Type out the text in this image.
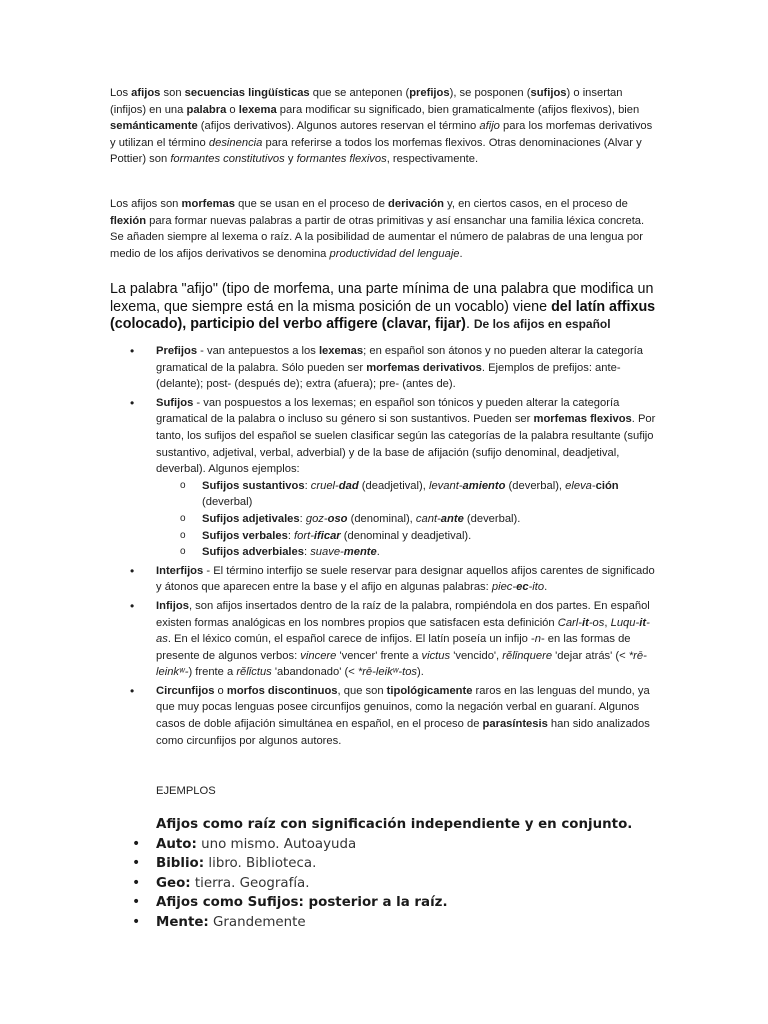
Los afijos son secuencias lingüísticas que se anteponen (prefijos), se posponen (sufijos) o insertan (infijos) en una palabra o lexema para modificar su significado, bien gramaticalmente (afijos flexivos), bien semánticamente (afijos derivativos). Algunos autores reservan el término afijo para los morfemas derivativos y utilizan el término desinencia para referirse a todos los morfemas flexivos. Otras denominaciones (Alvar y Pottier) son formantes constitutivos y formantes flexivos, respectivamente.

Los afijos son morfemas que se usan en el proceso de derivación y, en ciertos casos, en el proceso de flexión para formar nuevas palabras a partir de otras primitivas y así ensanchar una familia léxica concreta. Se añaden siempre al lexema o raíz. A la posibilidad de aumentar el número de palabras de una lengua por medio de los afijos derivativos se denomina productividad del lenguaje.

La palabra "afijo" (tipo de morfema, una parte mínima de una palabra que modifica un lexema, que siempre está en la misma posición de un vocablo) viene del latín affixus (colocado), participio del verbo affigere (clavar, fijar). De los afijos en español

• Prefijos - van antepuestos a los lexemas; en español son átonos y no pueden alterar la categoría gramatical de la palabra. Sólo pueden ser morfemas derivativos. Ejemplos de prefijos: ante- (delante); post- (después de); extra (afuera); pre- (antes de).
• Sufijos - van pospuestos a los lexemas; en español son tónicos y pueden alterar la categoría gramatical de la palabra o incluso su género si son sustantivos. Pueden ser morfemas flexivos. Por tanto, los sufijos del español se suelen clasificar según las categorías de la palabra resultante (sufijo sustantivo, adjetival, verbal, adverbial) y de la base de afijación (sufijo denominal, deadjetival, deverbal). Algunos ejemplos:
o Sufijos sustantivos: cruel-dad (deadjetival), levant-amiento (deverbal), eleva-ción (deverbal)
o Sufijos adjetivales: goz-oso (denominal), cant-ante (deverbal).
o Sufijos verbales: fort-ificar (denominal y deadjetival).
o Sufijos adverbiales: suave-mente.
• Interfijos - El término interfijo se suele reservar para designar aquellos afijos carentes de significado y átonos que aparecen entre la base y el afijo en algunas palabras: piec-ec-ito.
• Infijos, son afijos insertados dentro de la raíz de la palabra, rompiéndola en dos partes. En español existen formas analógicas en los nombres propios que satisfacen esta definición Carl-it-os, Luqu-it-as. En el léxico común, el español carece de infijos. El latín poseía un infijo -n- en las formas de presente de algunos verbos: vincere 'vencer' frente a victus 'vencido', rĕlīnquere 'dejar atrás' (< *rē-leinkʷ-) frente a rĕlīctus 'abandonado' (< *rē-leikʷ-tos).
• Circunfijos o morfos discontinuos, que son tipológicamente raros en las lenguas del mundo, ya que muy pocas lenguas posee circunfijos genuinos, como la negación verbal en guaraní. Algunos casos de doble afijación simultánea en español, en el proceso de parasíntesis han sido analizados como circunfijos por algunos autores.
EJEMPLOS

Afijos como raíz con significación independiente y en conjunto.

• Auto: uno mismo. Autoayuda
• Biblio: libro. Biblioteca.
• Geo: tierra. Geografía.
• Afijos como Sufijos: posterior a la raíz.
• Mente: Grandemente
